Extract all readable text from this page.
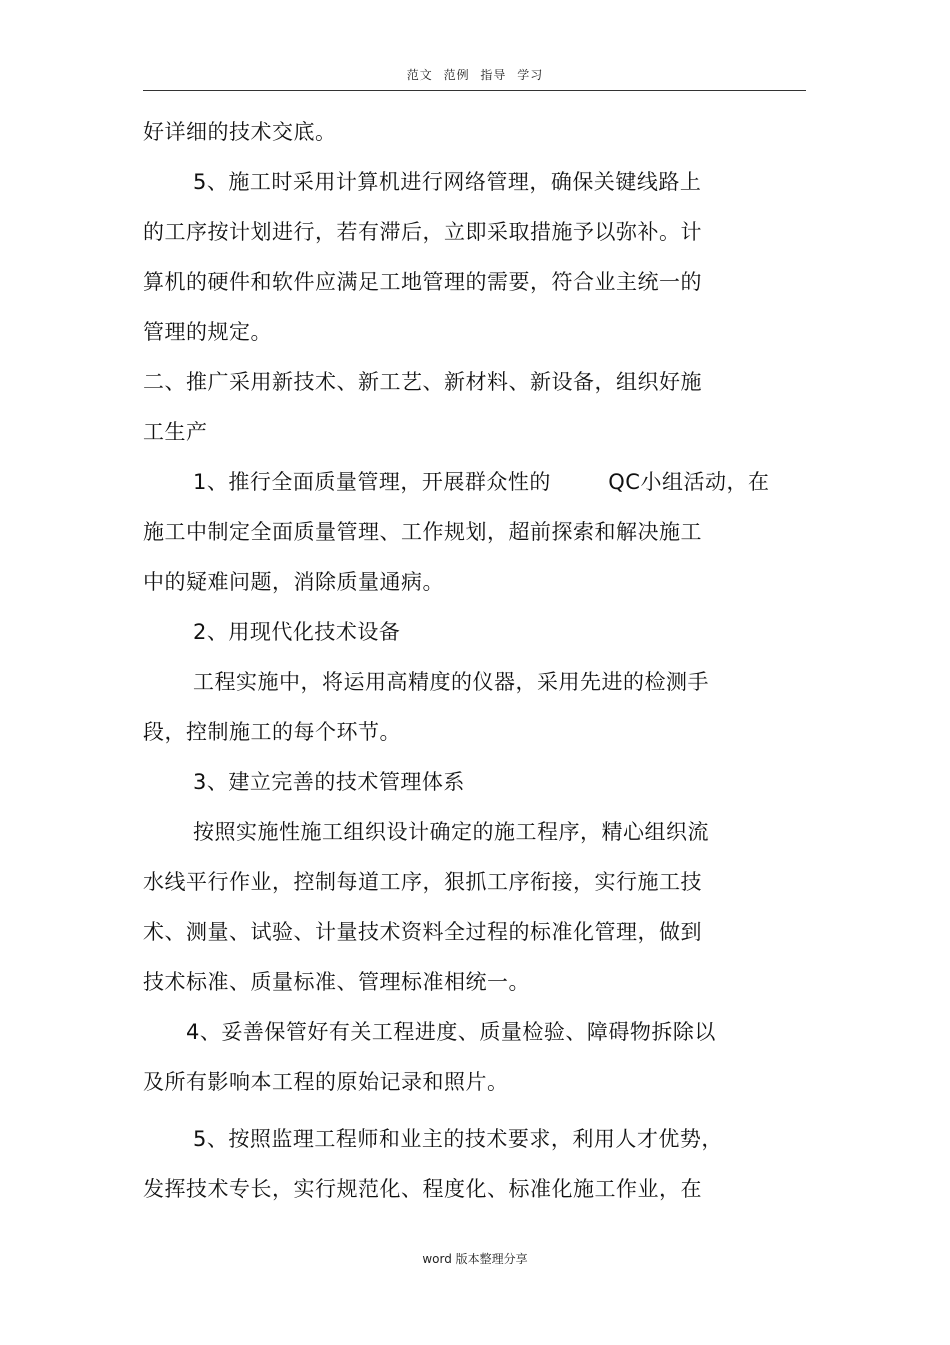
范文 范例 指导 学习
好详细的技术交底。
5、施工时采用计算机进行网络管理，确保关键线路上
的工序按计划进行，若有滞后，立即采取措施予以弥补。计
算机的硬件和软件应满足工地管理的需要，符合业主统一的
管理的规定。
二、推广采用新技术、新工艺、新材料、新设备，组织好施
工生产
1、推行全面质量管理，开展群众性的        QC小组活动，在
施工中制定全面质量管理、工作规划，超前探索和解决施工
中的疑难问题，消除质量通病。
2、用现代化技术设备
工程实施中，将运用高精度的仪器，采用先进的检测手
段，控制施工的每个环节。
3、建立完善的技术管理体系
按照实施性施工组织设计确定的施工程序，精心组织流
水线平行作业，控制每道工序，狠抓工序衔接，实行施工技
术、测量、试验、计量技术资料全过程的标准化管理，做到
技术标准、质量标准、管理标准相统一。
4、妥善保管好有关工程进度、质量检验、障碍物拆除以
及所有影响本工程的原始记录和照片。
5、按照监理工程师和业主的技术要求，利用人才优势，
发挥技术专长，实行规范化、程度化、标准化施工作业，在
word 版本整理分享
